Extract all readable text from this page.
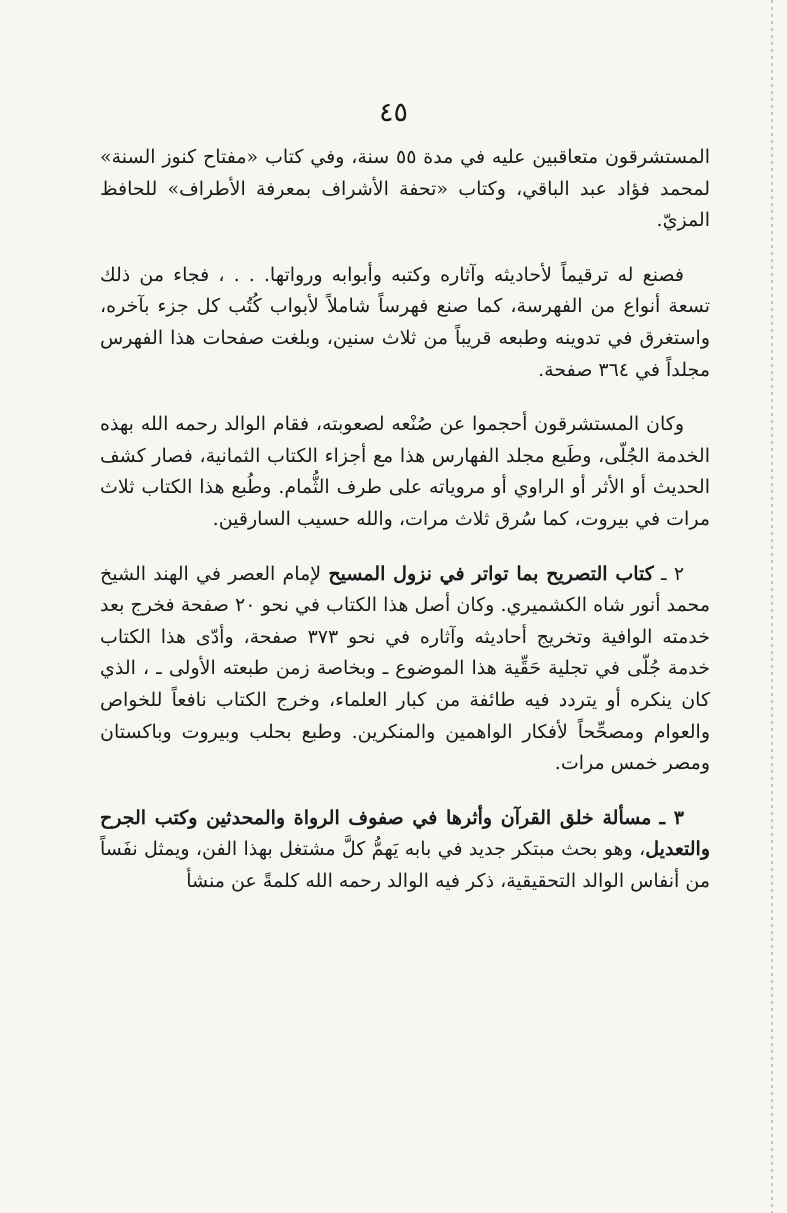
٤٥

المستشرقون متعاقبين عليه في مدة ٥٥ سنة، وفي كتاب «مفتاح كنوز السنة» لمحمد فؤاد عبد الباقي، وكتاب «تحفة الأشراف بمعرفة الأطراف» للحافظ المزيّ.

فصنع له ترقيماً لأحاديثه وآثاره وكتبه وأبوابه ورواتها. . . ، فجاء من ذلك تسعة أنواع من الفهرسة، كما صنع فهرساً شاملاً لأبواب كُتُب كل جزء بآخره، واستغرق في تدوينه وطبعه قريباً من ثلاث سنين، وبلغت صفحات هذا الفهرس مجلداً في ٣٦٤ صفحة.

وكان المستشرقون أحجموا عن صُنْعه لصعوبته، فقام الوالد رحمه الله بهذه الخدمة الجُلّى، وطَبع مجلد الفهارس هذا مع أجزاء الكتاب الثمانية، فصار كشف الحديث أو الأثر أو الراوي أو مروياته على طرف الثُّمام. وطُبع هذا الكتاب ثلاث مرات في بيروت، كما سُرق ثلاث مرات، والله حسيب السارقين.

٢ ـ كتاب التصريح بما تواتر في نزول المسيح لإمام العصر في الهند الشيخ محمد أنور شاه الكشميري. وكان أصل هذا الكتاب في نحو ٢٠ صفحة فخرج بعد خدمته الوافية وتخريج أحاديثه وآثاره في نحو ٣٧٣ صفحة، وأدّى هذا الكتاب خدمة جُلّى في تجلية حَقِّية هذا الموضوع ـ وبخاصة زمن طبعته الأولى ـ ، الذي كان ينكره أو يتردد فيه طائفة من كبار العلماء، وخرج الكتاب نافعاً للخواص والعوام ومصحِّحاً لأفكار الواهمين والمنكرين. وطبع بحلب وبيروت وباكستان ومصر خمس مرات.

٣ ـ مسألة خلق القرآن وأثرها في صفوف الرواة والمحدثين وكتب الجرح والتعديل، وهو بحث مبتكر جديد في بابه يَهمُّ كلَّ مشتغل بهذا الفن، ويمثل نفَساً من أنفاس الوالد التحقيقية، ذكر فيه الوالد رحمه الله كلمةً عن منشأ
